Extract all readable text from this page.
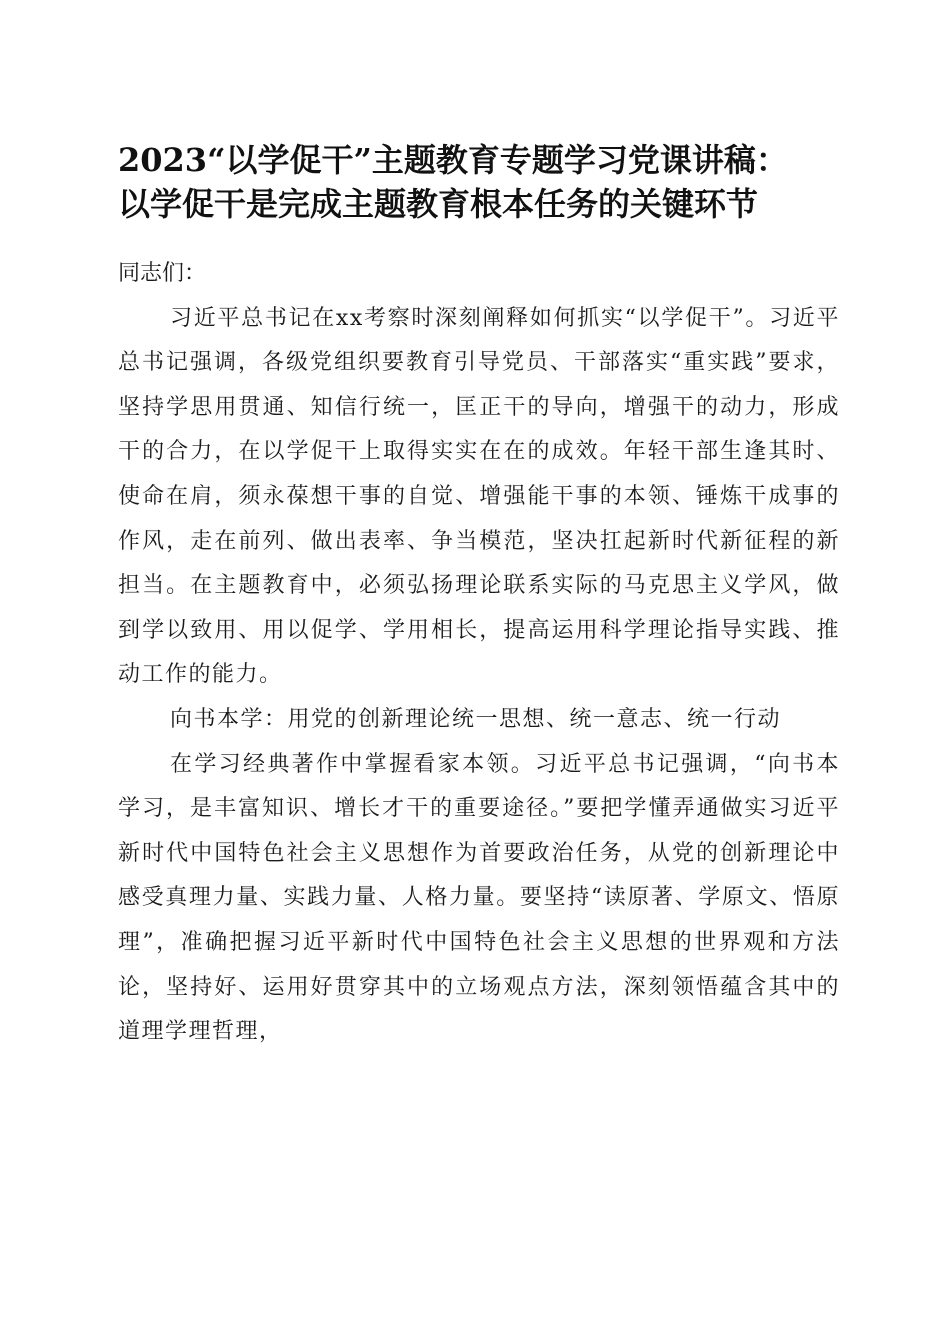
2023“以学促干”主题教育专题学习党课讲稿：
以学促干是完成主题教育根本任务的关键环节

同志们：

习近平总书记在xx考察时深刻阐释如何抓实“以学促干”。习近平总书记强调，各级党组织要教育引导党员、干部落实“重实践”要求，坚持学思用贯通、知信行统一，匡正干的导向，增强干的动力，形成干的合力，在以学促干上取得实实在在的成效。年轻干部生逢其时、使命在肩，须永葆想干事的自觉、增强能干事的本领、锤炼干成事的作风，走在前列、做出表率、争当模范，坚决扛起新时代新征程的新担当。在主题教育中，必须弘扬理论联系实际的马克思主义学风，做到学以致用、用以促学、学用相长，提高运用科学理论指导实践、推动工作的能力。

向书本学：用党的创新理论统一思想、统一意志、统一行动

在学习经典著作中掌握看家本领。习近平总书记强调，“向书本学习，是丰富知识、增长才干的重要途径。”要把学懂弄通做实习近平新时代中国特色社会主义思想作为首要政治任务，从党的创新理论中感受真理力量、实践力量、人格力量。要坚持“读原著、学原文、悟原理”，准确把握习近平新时代中国特色社会主义思想的世界观和方法论，坚持好、运用好贯穿其中的立场观点方法，深刻领悟蕴含其中的道理学理哲理，
